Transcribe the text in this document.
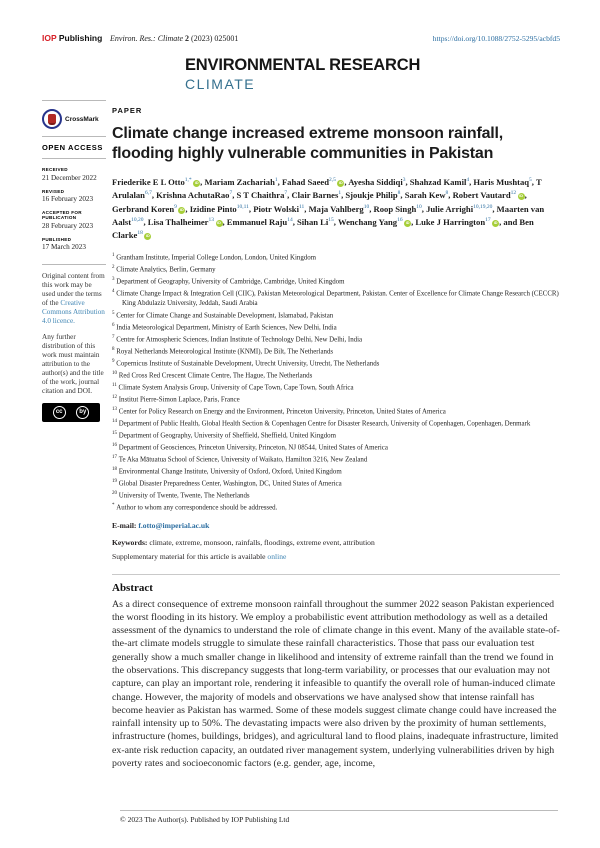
IOP Publishing Environ. Res.: Climate 2 (2023) 025001	https://doi.org/10.1088/2752-5295/acbfd5
ENVIRONMENTAL RESEARCH
CLIMATE
CrossMark
OPEN ACCESS
RECEIVED
21 December 2022
REVISED
16 February 2023
ACCEPTED FOR PUBLICATION
28 February 2023
PUBLISHED
17 March 2023

Original content from this work may be used under the terms of the Creative Commons Attribution 4.0 licence.

Any further distribution of this work must maintain attribution to the author(s) and the title of the work, journal citation and DOI.

cc	by
PAPER
Climate change increased extreme monsoon rainfall, flooding highly vulnerable communities in Pakistan
Friederike E L Otto$^{1,*}$ iD , Mariam Zachariah$^1$, Fahad Saeed$^{2,5}$ iD , Ayesha Siddiqi$^3$, Shahzad Kamil$^4$, Haris Mushtaq$^5$, T Arulalan$^{6,7}$, Krishna AchutaRao$^7$, S T Chaithra$^7$, Clair Barnes$^1$, Sjoukje Philip$^8$, Sarah Kew$^8$, Robert Vautard$^{12}$ iD , Gerbrand Koren$^9$ iD , Izidine Pinto$^{10,11}$, Piotr Wolski$^{11}$, Maja Vahlberg$^{10}$, Roop Singh$^{10}$, Julie Arrighi$^{10,19,20}$, Maarten van Aalst$^{10,20}$, Lisa Thalheimer$^{13}$ iD , Emmanuel Raju$^{14}$, Sihan Li$^{15}$, Wenchang Yang$^{16}$ iD , Luke J Harrington$^{17}$ iD , and Ben Clarke$^{18}$ iD
$^1$ Grantham Institute, Imperial College London, London, United Kingdom
$^2$ Climate Analytics, Berlin, Germany
$^3$ Department of Geography, University of Cambridge, Cambridge, United Kingdom
$^4$ Climate Change Impact & Integration Cell (CIIC), Pakistan Meteorological Department, Pakistan. Center of Excellence for Climate Change Research (CECCR) King Abdulaziz University, Jeddah, Saudi Arabia
$^5$ Center for Climate Change and Sustainable Development, Islamabad, Pakistan
$^6$ India Meteorological Department, Ministry of Earth Sciences, New Delhi, India
$^7$ Centre for Atmospheric Sciences, Indian Institute of Technology Delhi, New Delhi, India
$^8$ Royal Netherlands Meteorological Institute (KNMI), De Bilt, The Netherlands
$^9$ Copernicus Institute of Sustainable Development, Utrecht University, Utrecht, The Netherlands
$^{10}$ Red Cross Red Crescent Climate Centre, The Hague, The Netherlands
$^{11}$ Climate System Analysis Group, University of Cape Town, Cape Town, South Africa
$^{12}$ Institut Pierre-Simon Laplace, Paris, France
$^{13}$ Center for Policy Research on Energy and the Environment, Princeton University, Princeton, United States of America
$^{14}$ Department of Public Health, Global Health Section & Copenhagen Centre for Disaster Research, University of Copenhagen, Copenhagen, Denmark
$^{15}$ Department of Geography, University of Sheffield, Sheffield, United Kingdom
$^{16}$ Department of Geosciences, Princeton University, Princeton, NJ 08544, United States of America
$^{17}$ Te Aka Mātuatua School of Science, University of Waikato, Hamilton 3216, New Zealand
$^{18}$ Environmental Change Institute, University of Oxford, Oxford, United Kingdom
$^{19}$ Global Disaster Preparedness Center, Washington, DC, United States of America
$^{20}$ University of Twente, Twente, The Netherlands
* Author to whom any correspondence should be addressed.
E-mail: f.otto@imperial.ac.uk
Keywords: climate, extreme, monsoon, rainfalls, floodings, extreme event, attribution
Supplementary material for this article is available online
Abstract
As a direct consequence of extreme monsoon rainfall throughout the summer 2022 season Pakistan experienced the worst flooding in its history. We employ a probabilistic event attribution methodology as well as a detailed assessment of the dynamics to understand the role of climate change in this event. Many of the available state-of-the-art climate models struggle to simulate these rainfall characteristics. Those that pass our evaluation test generally show a much smaller change in likelihood and intensity of extreme rainfall than the trend we found in the observations. This discrepancy suggests that long-term variability, or processes that our evaluation may not capture, can play an important role, rendering it infeasible to quantify the overall role of human-induced climate change. However, the majority of models and observations we have analysed show that intense rainfall has become heavier as Pakistan has warmed. Some of these models suggest climate change could have increased the rainfall intensity up to 50%. The devastating impacts were also driven by the proximity of human settlements, infrastructure (homes, buildings, bridges), and agricultural land to flood plains, inadequate infrastructure, limited ex-ante risk reduction capacity, an outdated river management system, underlying vulnerabilities driven by high poverty rates and socioeconomic factors (e.g. gender, age, income,
© 2023 The Author(s). Published by IOP Publishing Ltd
